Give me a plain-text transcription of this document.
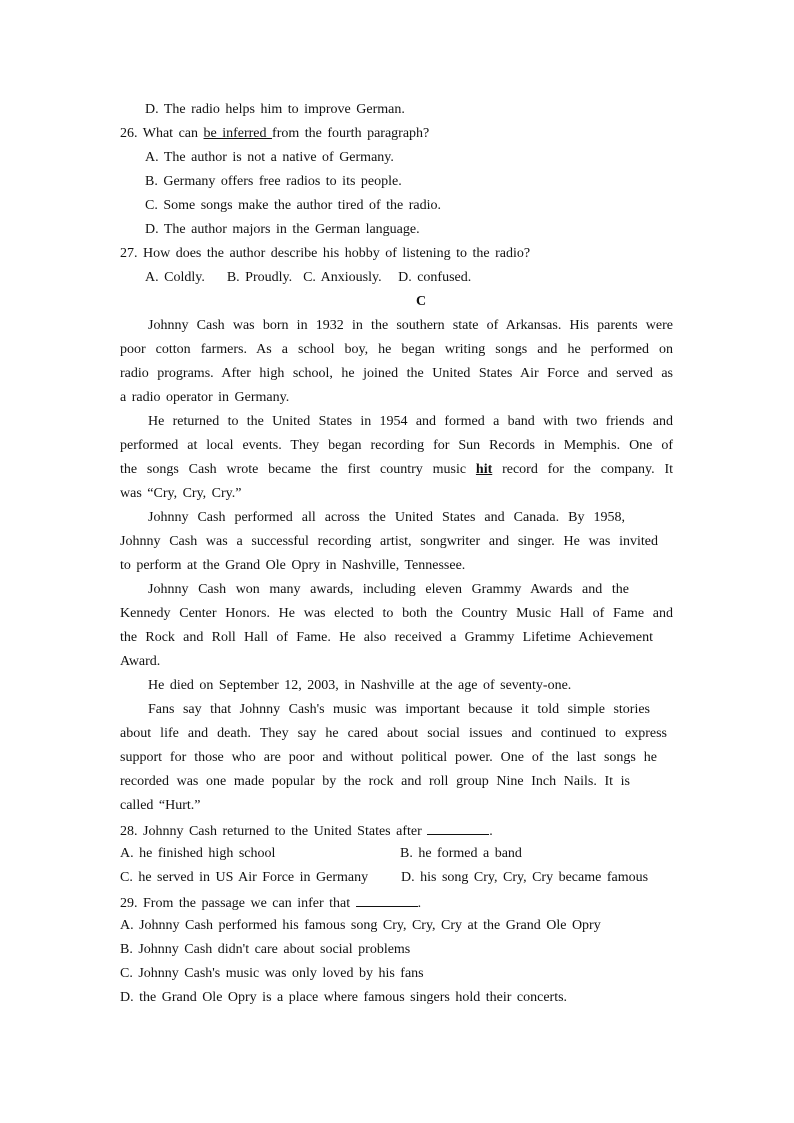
D. The radio helps him to improve German.
26. What can be inferred from the fourth paragraph?
A. The author is not a native of Germany.
B. Germany offers free radios to its people.
C. Some songs make the author tired of the radio.
D. The author majors in the German language.
27. How does the author describe his hobby of listening to the radio?
A. Coldly.    B. Proudly.  C. Anxiously.   D. confused.
C
Johnny Cash was born in 1932 in the southern state of Arkansas. His parents were
poor cotton farmers. As a school boy, he began writing songs and he performed on
radio programs. After high school, he joined the United States Air Force and served as
a radio operator in Germany.
He returned to the United States in 1954 and formed a band with two friends and
performed at local events. They began recording for Sun Records in Memphis. One of
the songs Cash wrote became the first country music hit record for the company. It
was “Cry, Cry, Cry.”
Johnny Cash performed all across the United States and Canada. By 1958,
Johnny Cash was a successful recording artist, songwriter and singer. He was invited
to perform at the Grand Ole Opry in Nashville, Tennessee.
Johnny Cash won many awards, including eleven Grammy Awards and the
Kennedy Center Honors. He was elected to both the Country Music Hall of Fame and
the Rock and Roll Hall of Fame. He also received a Grammy Lifetime Achievement
Award.
He died on September 12, 2003, in Nashville at the age of seventy-one.
Fans say that Johnny Cash's music was important because it told simple stories
about life and death. They say he cared about social issues and continued to express
support for those who are poor and without political power. One of the last songs he
recorded was one made popular by the rock and roll group Nine Inch Nails. It is
called “Hurt.”
28. Johnny Cash returned to the United States after	.
A. he finished high school	B. he formed a band
C. he served in US Air Force in Germany D. his song Cry, Cry, Cry became famous
29. From the passage we can infer that	.
A. Johnny Cash performed his famous song Cry, Cry, Cry at the Grand Ole Opry
B. Johnny Cash didn't care about social problems
C. Johnny Cash's music was only loved by his fans
D. the Grand Ole Opry is a place where famous singers hold their concerts.
